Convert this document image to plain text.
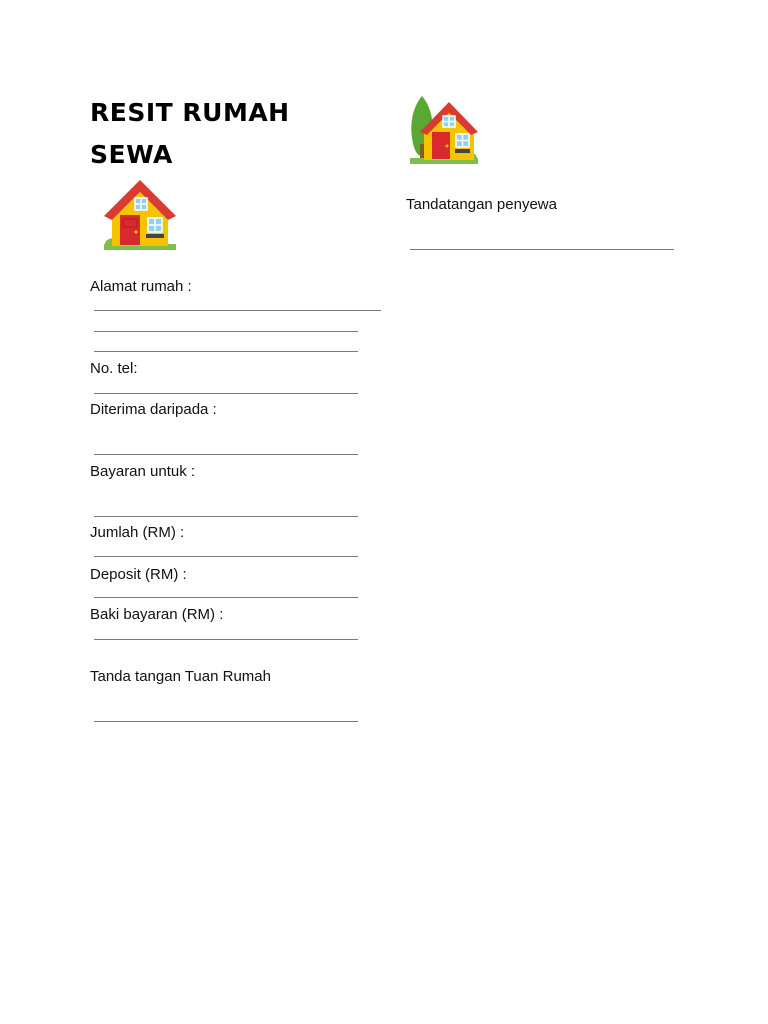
RESIT RUMAH
SEWA
Tandatangan penyewa
Alamat rumah :
No. tel:
Diterima daripada :
Bayaran untuk :
Jumlah (RM) :
Deposit (RM) :
Baki bayaran (RM) :
Tanda tangan Tuan Rumah
